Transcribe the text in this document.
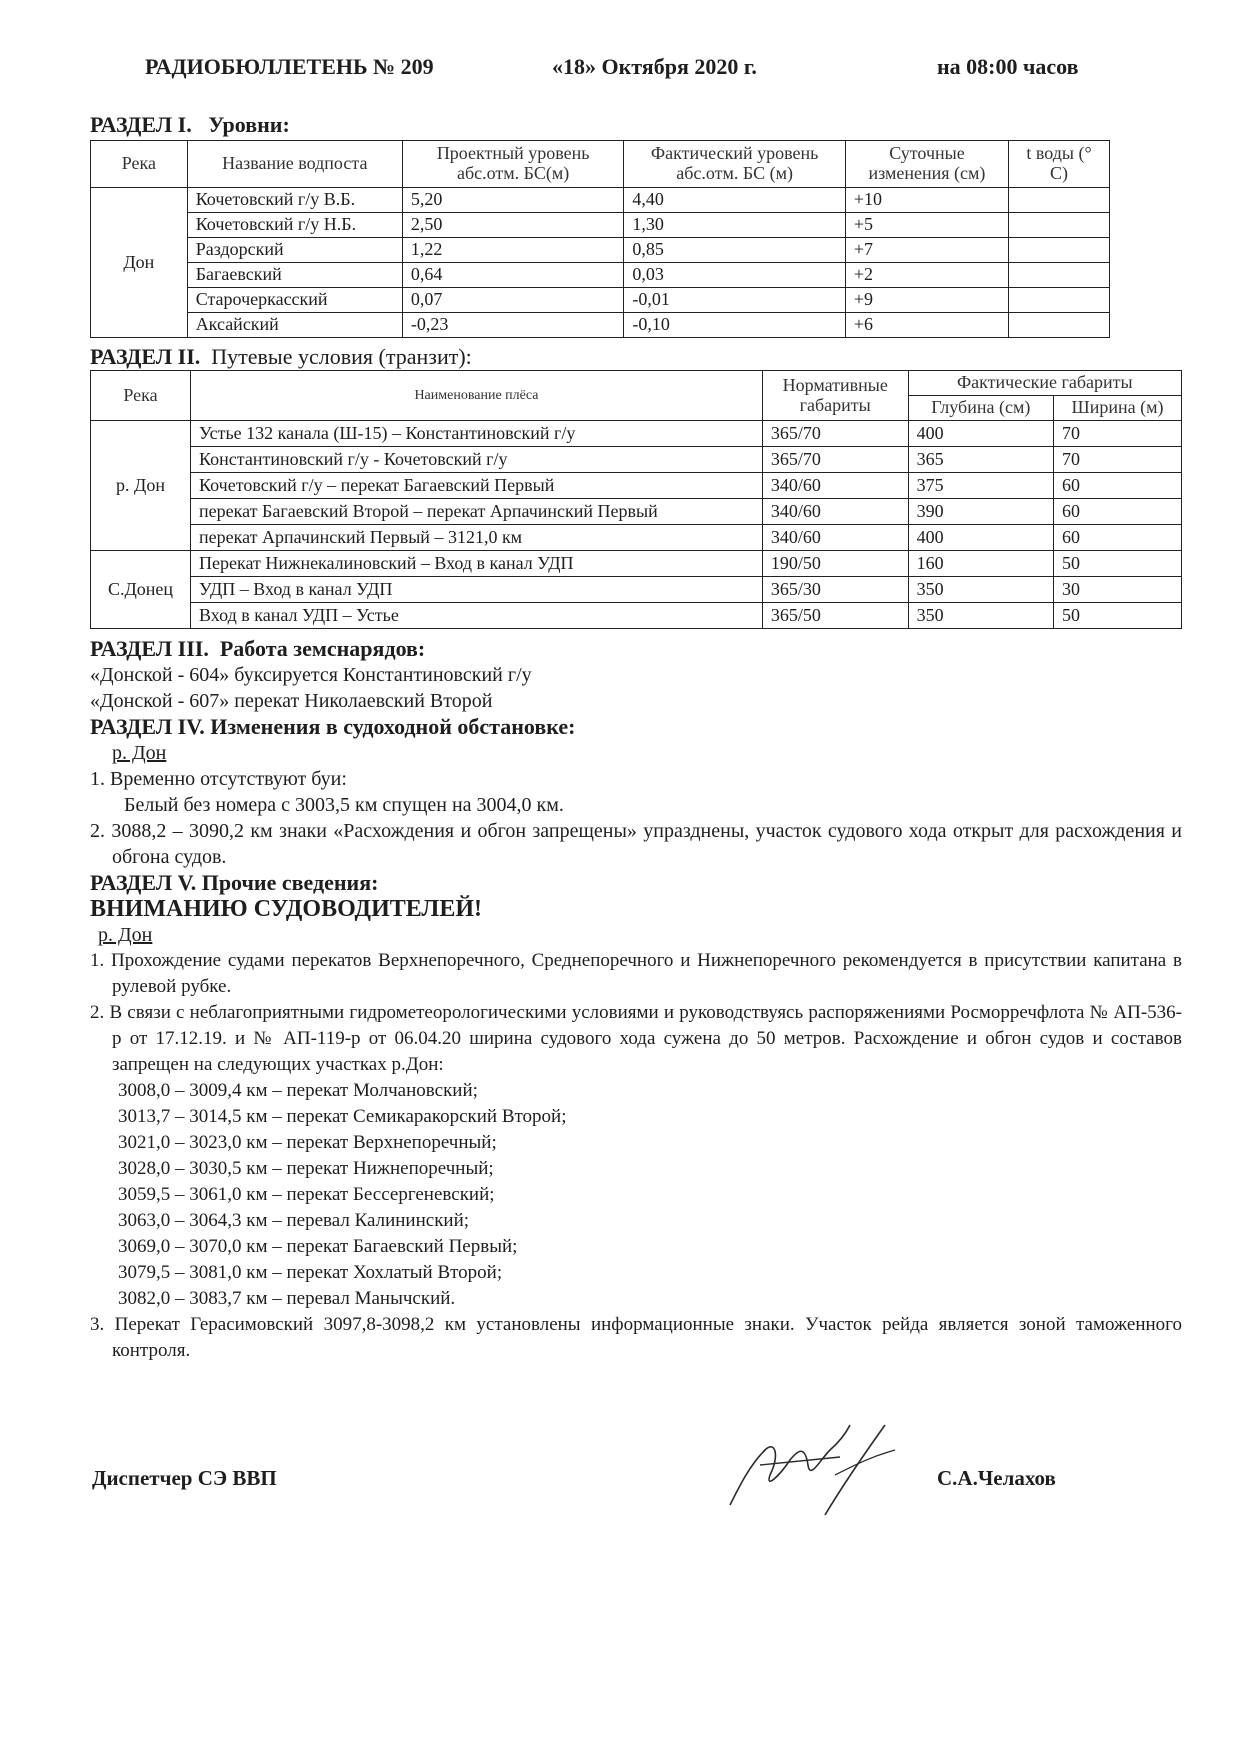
РАДИОБЮЛЛЕТЕНЬ № 209	«18» Октября 2020 г.	на 08:00 часов
РАЗДЕЛ I. Уровни:
Река	Название водпоста	Проектный уровень абс.отм. БС(м)	Фактический уровень абс.отм. БС (м)	Суточные изменения (см)	t воды (° C)
Дон	Кочетовский г/у В.Б.	5,20	4,40	+10	
	Кочетовский г/у Н.Б.	2,50	1,30	+5	
	Раздорский	1,22	0,85	+7	
	Багаевский	0,64	0,03	+2	
	Старочеркасский	0,07	-0,01	+9	
	Аксайский	-0,23	-0,10	+6	
РАЗДЕЛ II. Путевые условия (транзит):
Река	Наименование плёса	Нормативные габариты	Фактические габариты	
			Глубина (см)	Ширина (м)
р. Дон	Устье 132 канала (Ш-15) – Константиновский г/у	365/70	400	70
	Константиновский г/у - Кочетовский г/у	365/70	365	70
	Кочетовский г/у – перекат Багаевский Первый	340/60	375	60
	перекат Багаевский Второй – перекат Арпачинский Первый	340/60	390	60
	перекат Арпачинский Первый – 3121,0 км	340/60	400	60
С.Донец	Перекат Нижнекалиновский – Вход в канал УДП	190/50	160	50
	УДП – Вход в канал УДП	365/30	350	30
	Вход в канал УДП – Устье	365/50	350	50
РАЗДЕЛ III. Работа земснарядов:
«Донской - 604» буксируется Константиновский г/у
«Донской - 607» перекат Николаевский Второй
РАЗДЕЛ IV. Изменения в судоходной обстановке:
р. Дон
1. Временно отсутствуют буи:
Белый без номера с 3003,5 км спущен на 3004,0 км.
2. 3088,2 – 3090,2 км знаки «Расхождения и обгон запрещены» упразднены, участок судового хода открыт для расхождения и обгона судов.
РАЗДЕЛ V. Прочие сведения:
ВНИМАНИЮ СУДОВОДИТЕЛЕЙ!
р. Дон
1. Прохождение судами перекатов Верхнепоречного, Среднепоречного и Нижнепоречного рекомендуется в присутствии капитана в рулевой рубке.
2. В связи с неблагоприятными гидрометеорологическими условиями и руководствуясь распоряжениями Росморречфлота № АП-536-р от 17.12.19. и № АП-119-р от 06.04.20 ширина судового хода сужена до 50 метров. Расхождение и обгон судов и составов запрещен на следующих участках р.Дон:
3008,0 – 3009,4 км – перекат Молчановский;
3013,7 – 3014,5 км – перекат Семикаракорский Второй;
3021,0 – 3023,0 км – перекат Верхнепоречный;
3028,0 – 3030,5 км – перекат Нижнепоречный;
3059,5 – 3061,0 км – перекат Бессергеневский;
3063,0 – 3064,3 км – перевал Калининский;
3069,0 – 3070,0 км – перекат Багаевский Первый;
3079,5 – 3081,0 км – перекат Хохлатый Второй;
3082,0 – 3083,7 км – перевал Манычский.
3. Перекат Герасимовский 3097,8-3098,2 км установлены информационные знаки. Участок рейда является зоной таможенного контроля.
Диспетчер СЭ ВВП	С.А.Челахов
